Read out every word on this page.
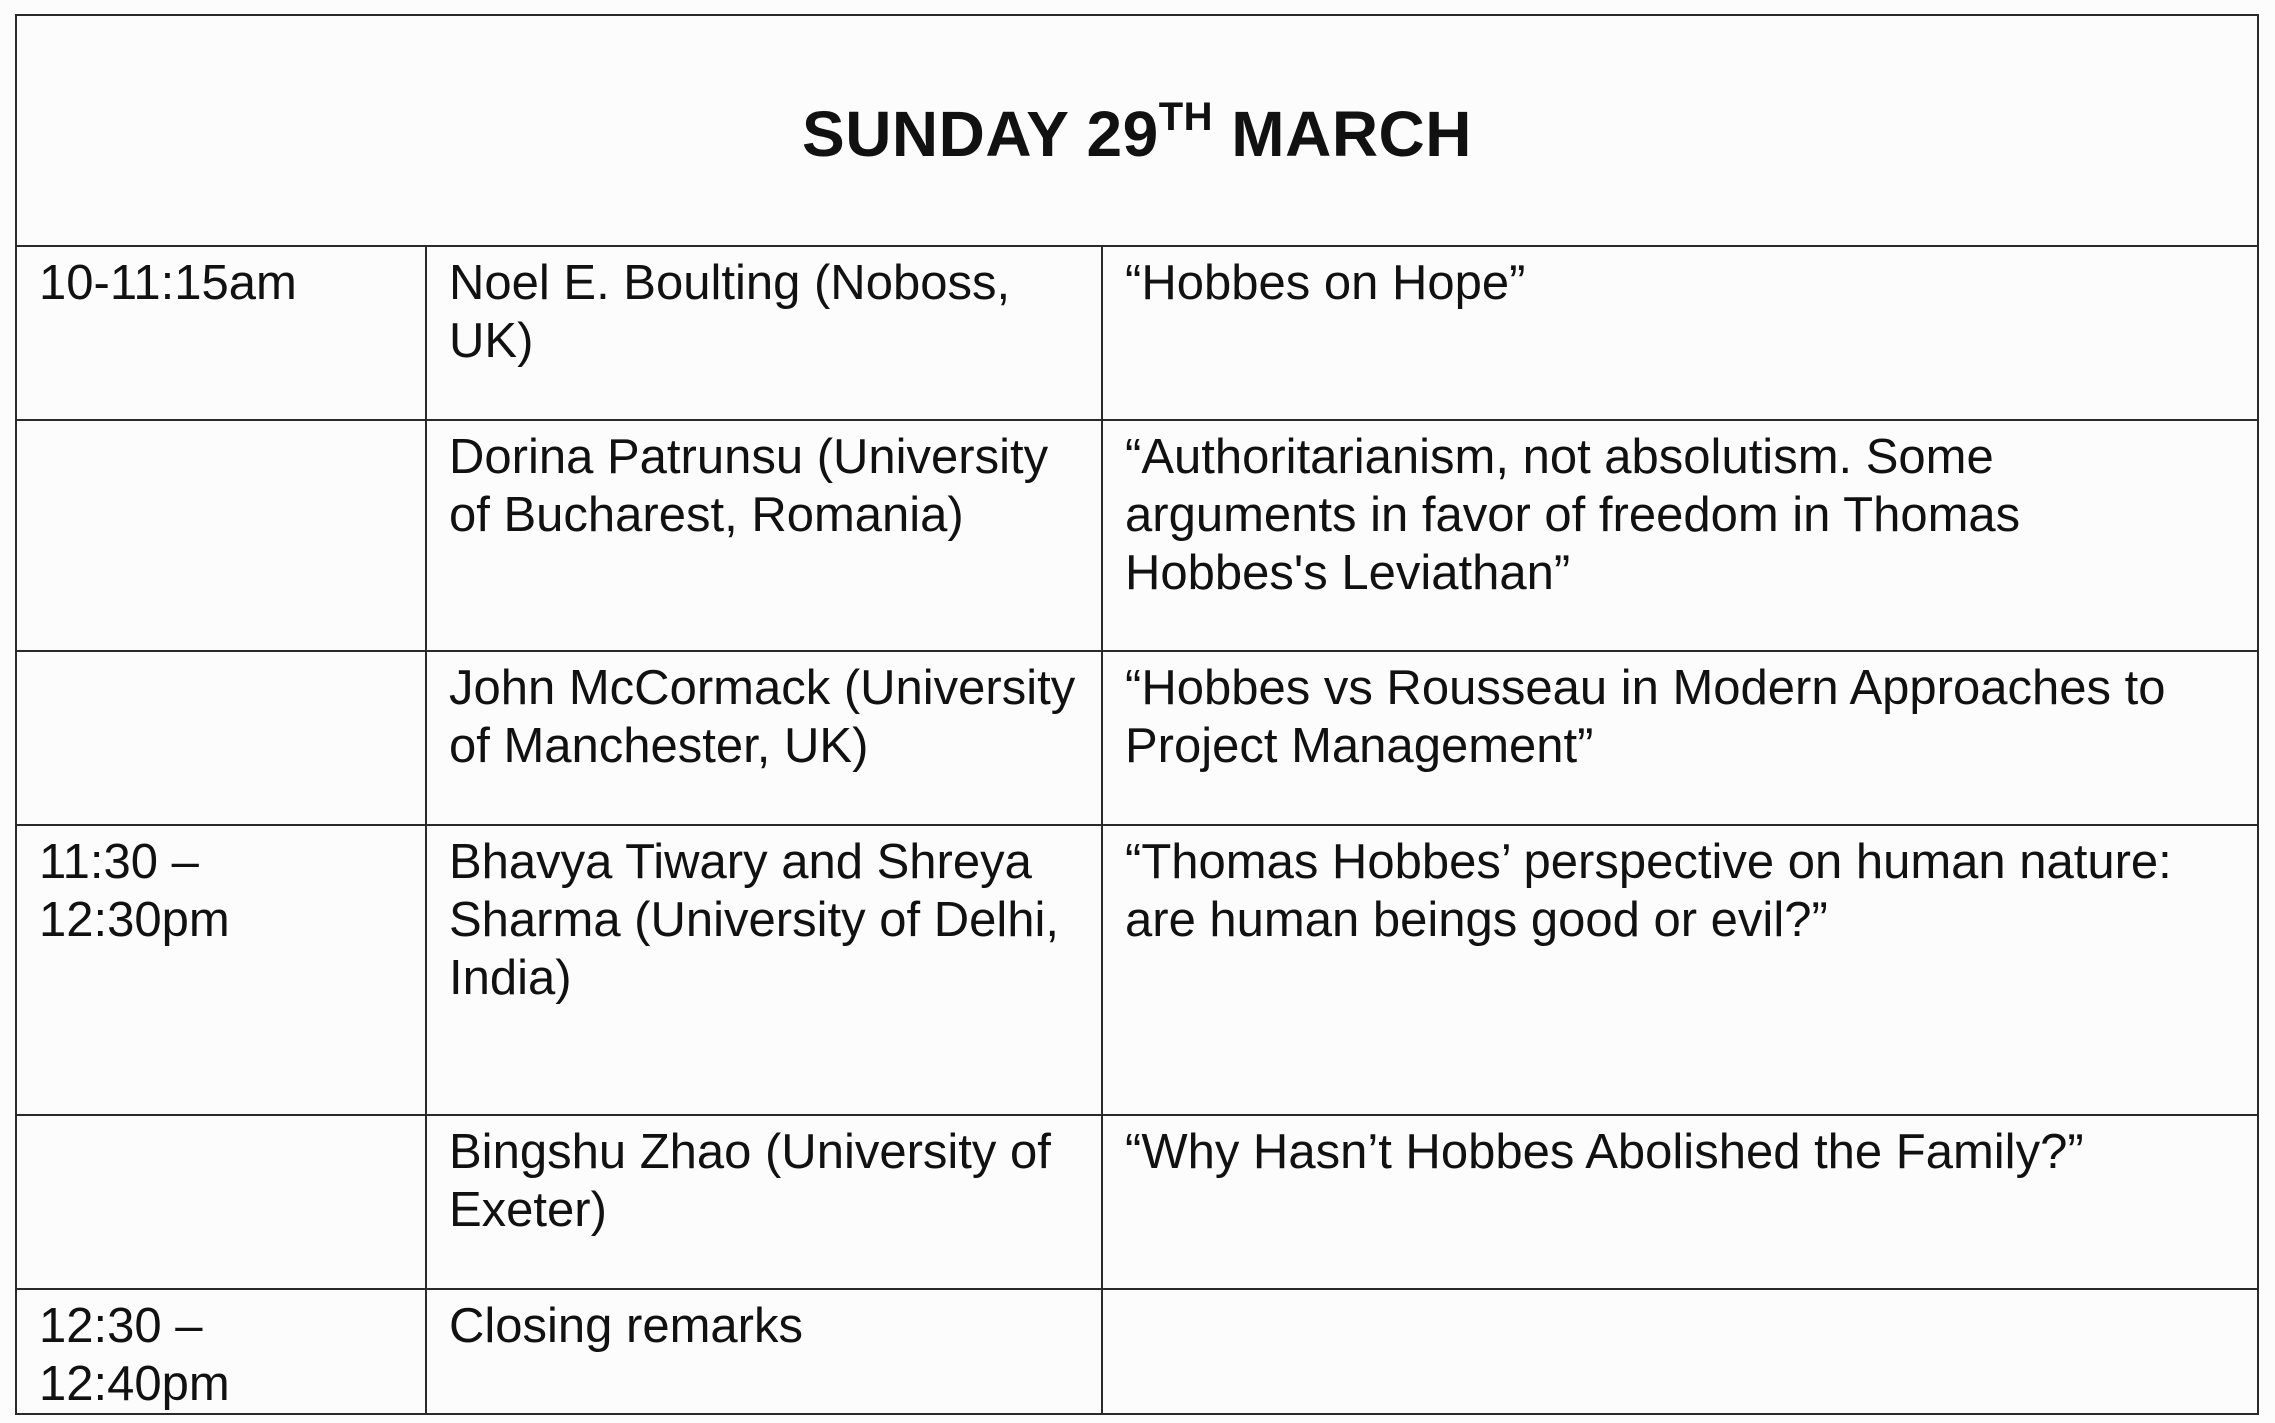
SUNDAY 29TH MARCH		

10-11:15am	Noel E. Boulting (Noboss, UK)	“Hobbes on Hope”

	Dorina Patrunsu (University of Bucharest, Romania)	“Authoritarianism, not absolutism. Some arguments in favor of freedom in Thomas Hobbes's Leviathan”

	John McCormack (University of Manchester, UK)	“Hobbes vs Rousseau in Modern Approaches to Project Management”

11:30 – 12:30pm	Bhavya Tiwary and Shreya Sharma (University of Delhi, India)	“Thomas Hobbes’ perspective on human nature: are human beings good or evil?”

	Bingshu Zhao (University of Exeter)	“Why Hasn’t Hobbes Abolished the Family?”

12:30 – 12:40pm	Closing remarks	
